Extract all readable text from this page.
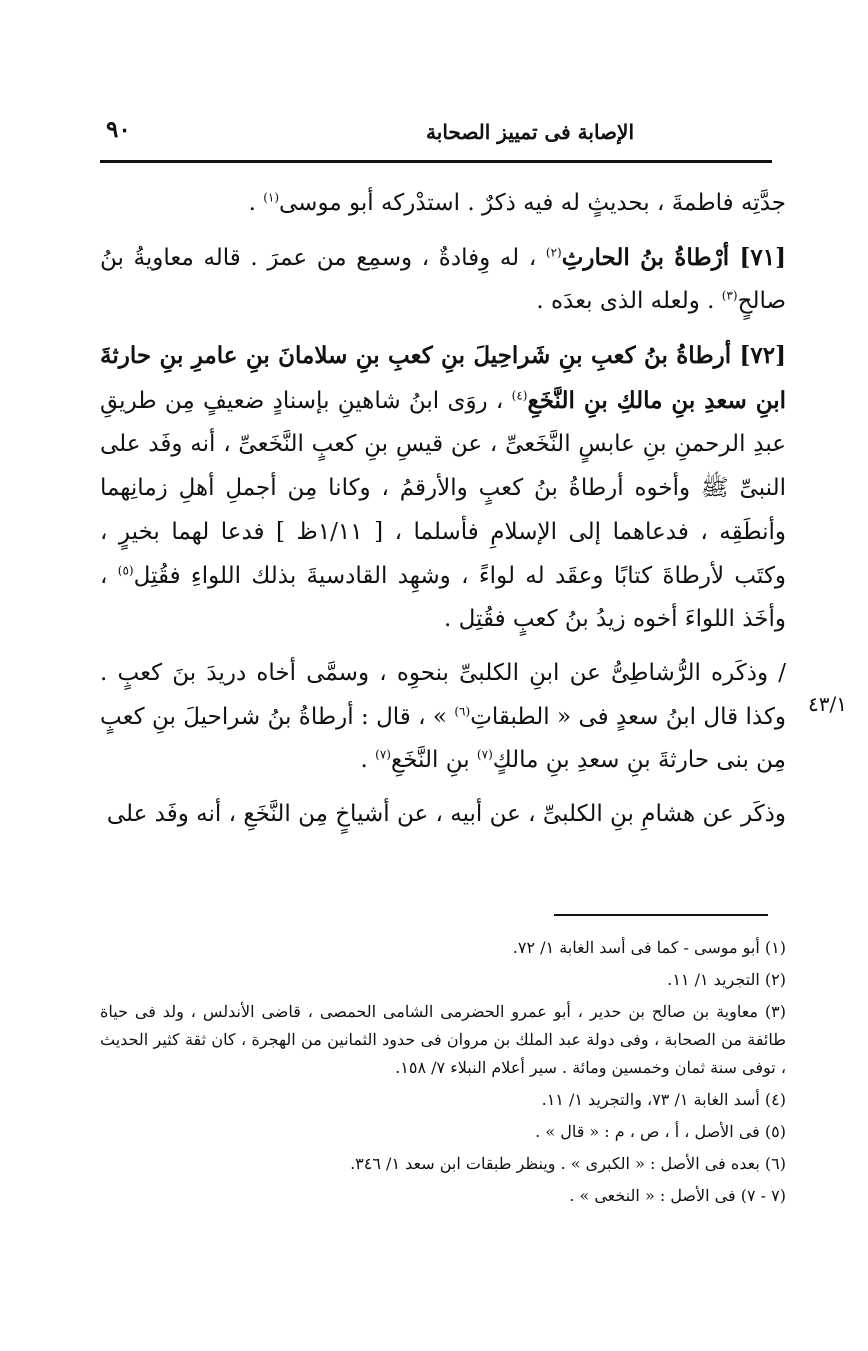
٩٠	الإصابة فى تمييز الصحابة
٤٣/١

جدَّتِه فاطمةَ ، بحديثٍ له فيه ذكرٌ . استدْركه أبو موسى$^{(١)}$ .

[٧١] أرْطاةُ بنُ الحارثِ$^{(٢)}$ ، له وِفادةٌ ، وسمِع من عمرَ . قاله معاويةُ بنُ صالحٍ$^{(٣)}$ . ولعله الذى بعدَه .

[٧٢] أرطاةُ بنُ كعبِ بنِ شَراحِيلَ بنِ كعبِ بنِ سلامانَ بنِ عامرِ بنِ حارثةَ ابنِ سعدِ بنِ مالكِ بنِ النَّخَعِ$^{(٤)}$ ، روَى ابنُ شاهينِ بإسنادٍ ضعيفٍ مِن طريقِ عبدِ الرحمنِ بنِ عابسٍ النَّخَعىِّ ، عن قيسِ بنِ كعبٍ النَّخَعىِّ ، أنه وفَد على النبىِّ ﷺ وأخوه أرطاةُ بنُ كعبٍ والأرقمُ ، وكانا مِن أجملِ أهلِ زمانِهما وأنطَقِه ، فدعاهما إلى الإسلامِ فأسلما ، [ ١/١١ظ ] فدعا لهما بخيرٍ ، وكتَب لأرطاةَ كتابًا وعقَد له لواءً ، وشهِد القادسيةَ بذلك اللواءِ فقُتِل$^{(٥)}$ ، وأخَذ اللواءَ أخوه زيدُ بنُ كعبٍ فقُتِل .

/ وذكَره الرُّشاطِىُّ عن ابنِ الكلبىِّ بنحوِه ، وسمَّى أخاه دريدَ بنَ كعبٍ . وكذا قال ابنُ سعدٍ فى « الطبقاتِ$^{(٦)}$ » ، قال : أرطاةُ بنُ شراحيلَ بنِ كعبٍ مِن بنى حارثةَ بنِ سعدِ بنِ مالكٍ$^{(٧)}$ بنِ النَّخَعِ$^{(٧)}$ .

وذكَر عن هشامِ بنِ الكلبىِّ ، عن أبيه ، عن أشياخٍ مِن النَّخَعِ ، أنه وفَد على

(١) أبو موسى - كما فى أسد الغابة ١/ ٧٢.

(٢) التجريد ١/ ١١.

(٣) معاوية بن صالح بن حدير ، أبو عمرو الحضرمى الشامى الحمصى ، قاضى الأندلس ، ولد فى حياة طائفة من الصحابة ، وفى دولة عبد الملك بن مروان فى حدود الثمانين من الهجرة ، كان ثقة كثير الحديث ، توفى سنة ثمان وخمسين ومائة . سير أعلام النبلاء ٧/ ١٥٨.

(٤) أسد الغابة ١/ ٧٣، والتجريد ١/ ١١.

(٥) فى الأصل ، أ ، ص ، م : « قال » .

(٦) بعده فى الأصل : « الكبرى » . وينظر طبقات ابن سعد ١/ ٣٤٦.

(٧ - ٧) فى الأصل : « النخعى » .
